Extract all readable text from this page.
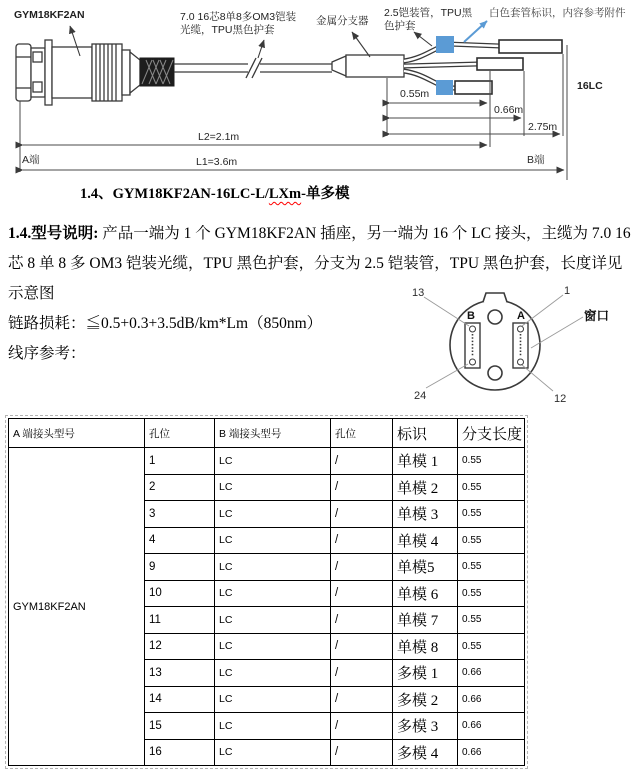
GYM18KF2AN	7.0 16芯8单8多OM3铠装
光缆，TPU黑色护套
金属分支器
2.5铠装管，TPU黑
色护套
白色套管标识，内容参考附件
0.55m
0.66m
2.75m
L2=2.1m
A端	L1=3.6m	B端
16LC
1.4、GYM18KF2AN-16LC-L/LXm-单多模

1.4.型号说明: 产品一端为 1 个 GYM18KF2AN 插座，另一端为 16 个 LC 接头，主缆为 7.0 16 芯 8 单 8 多 OM3 铠装光缆，TPU 黑色护套，分支为 2.5 铠装管，TPU 黑色护套，长度详见示意图

链路损耗：≦0.5+0.3+3.5dB/km*Lm（850nm）

线序参考：

13	1
24	12
窗口
B	A
A 端接头型号	孔位	B 端接头型号	孔位	标识	分支长度
GYM18KF2AN	1	LC	/	单模 1	0.55
	2	LC	/	单模 2	0.55
	3	LC	/	单模 3	0.55
	4	LC	/	单模 4	0.55
	9	LC	/	单模5	0.55
	10	LC	/	单模 6	0.55
	11	LC	/	单模 7	0.55
	12	LC	/	单模 8	0.55
	13	LC	/	多模 1	0.66
	14	LC	/	多模 2	0.66
	15	LC	/	多模 3	0.66
	16	LC	/	多模 4	0.66
